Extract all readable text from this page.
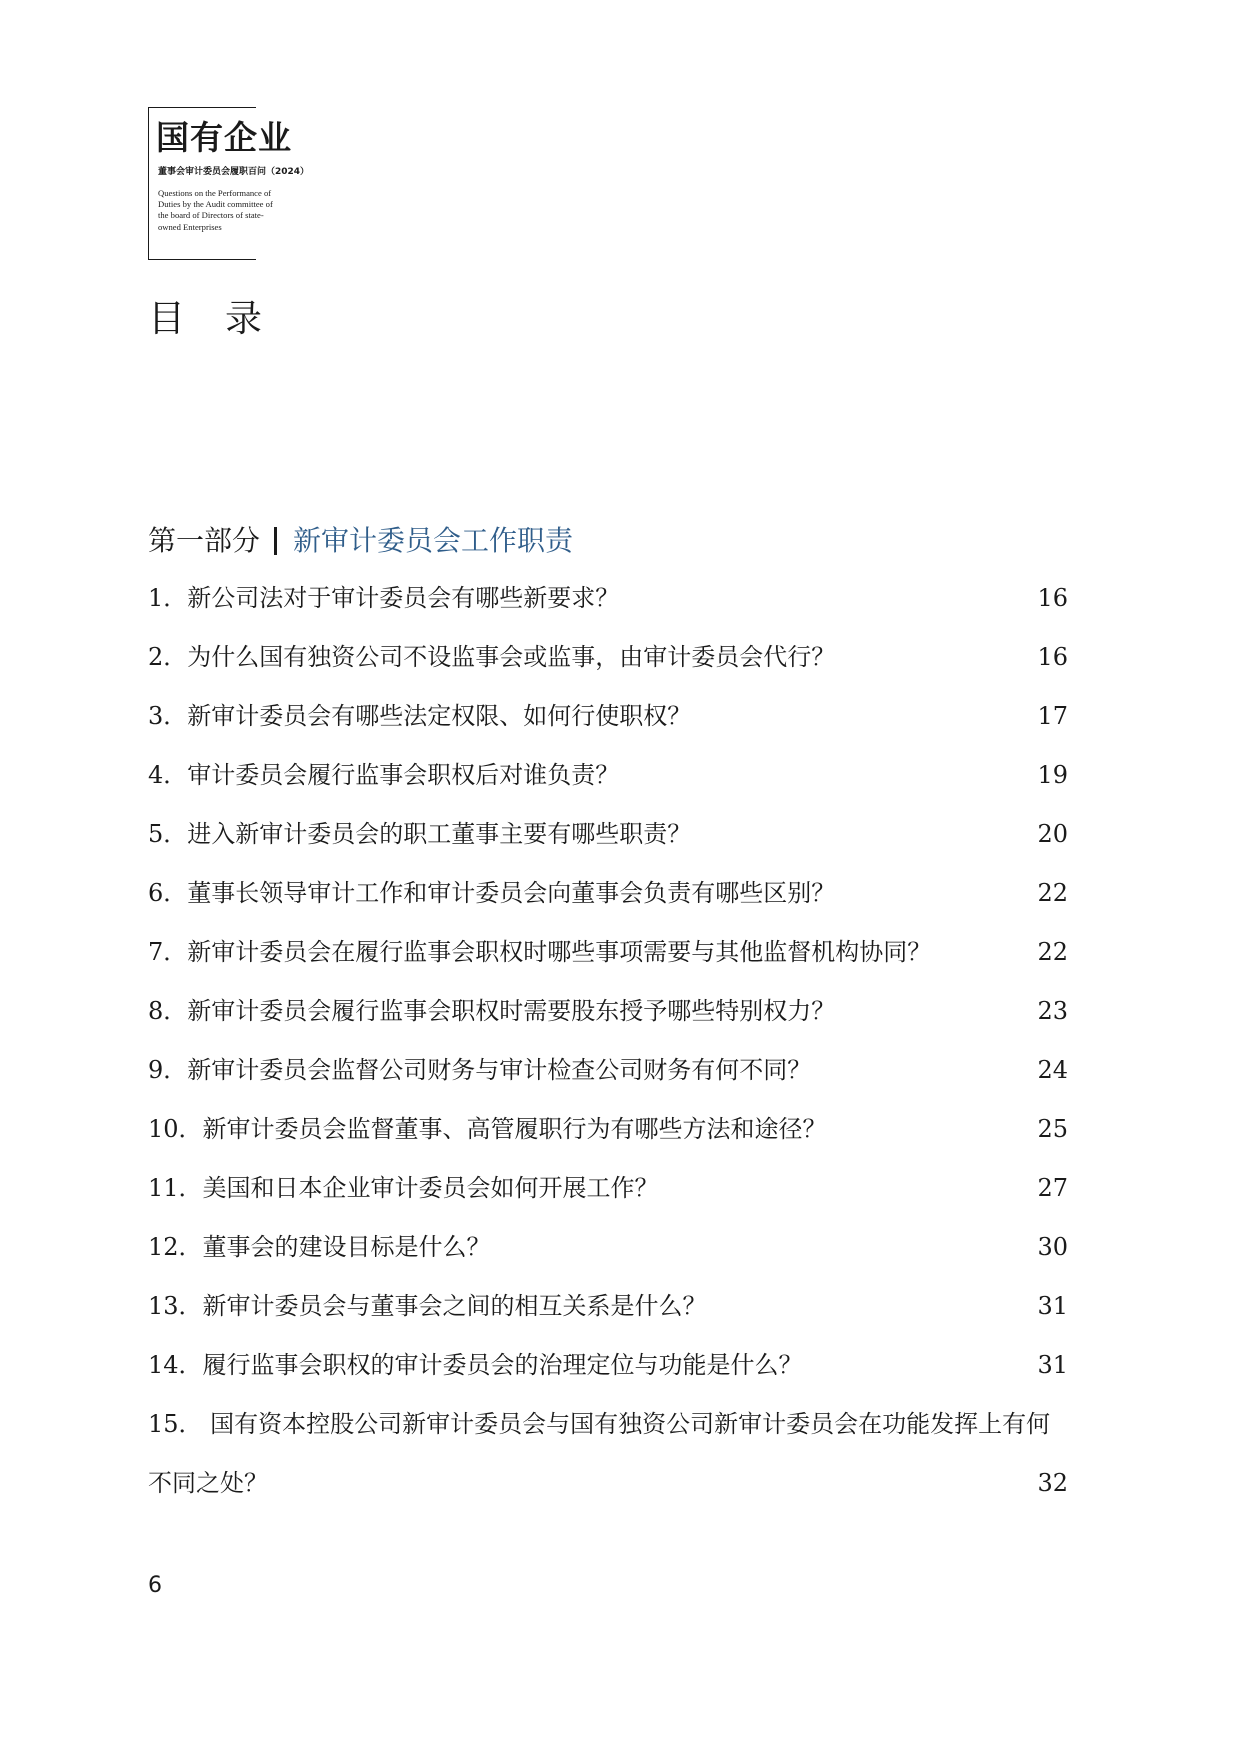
国有企业
董事会审计委员会履职百问（2024）
Questions on the Performance of
Duties by the Audit committee of
the board of Directors of state-
owned Enterprises
目录
第一部分 新审计委员会工作职责
1．新公司法对于审计委员会有哪些新要求？	16
2．为什么国有独资公司不设监事会或监事，由审计委员会代行？	16
3．新审计委员会有哪些法定权限、如何行使职权？	17
4．审计委员会履行监事会职权后对谁负责？	19
5．进入新审计委员会的职工董事主要有哪些职责？	20
6．董事长领导审计工作和审计委员会向董事会负责有哪些区别？	22
7．新审计委员会在履行监事会职权时哪些事项需要与其他监督机构协同？	22
8．新审计委员会履行监事会职权时需要股东授予哪些特别权力？	23
9．新审计委员会监督公司财务与审计检查公司财务有何不同？	24
10．新审计委员会监督董事、高管履职行为有哪些方法和途径？	25
11．美国和日本企业审计委员会如何开展工作？	27
12．董事会的建设目标是什么？	30
13．新审计委员会与董事会之间的相互关系是什么？	31
14．履行监事会职权的审计委员会的治理定位与功能是什么？	31
15． 国有资本控股公司新审计委员会与国有独资公司新审计委员会在功能发挥上有何
不同之处？	32
6
